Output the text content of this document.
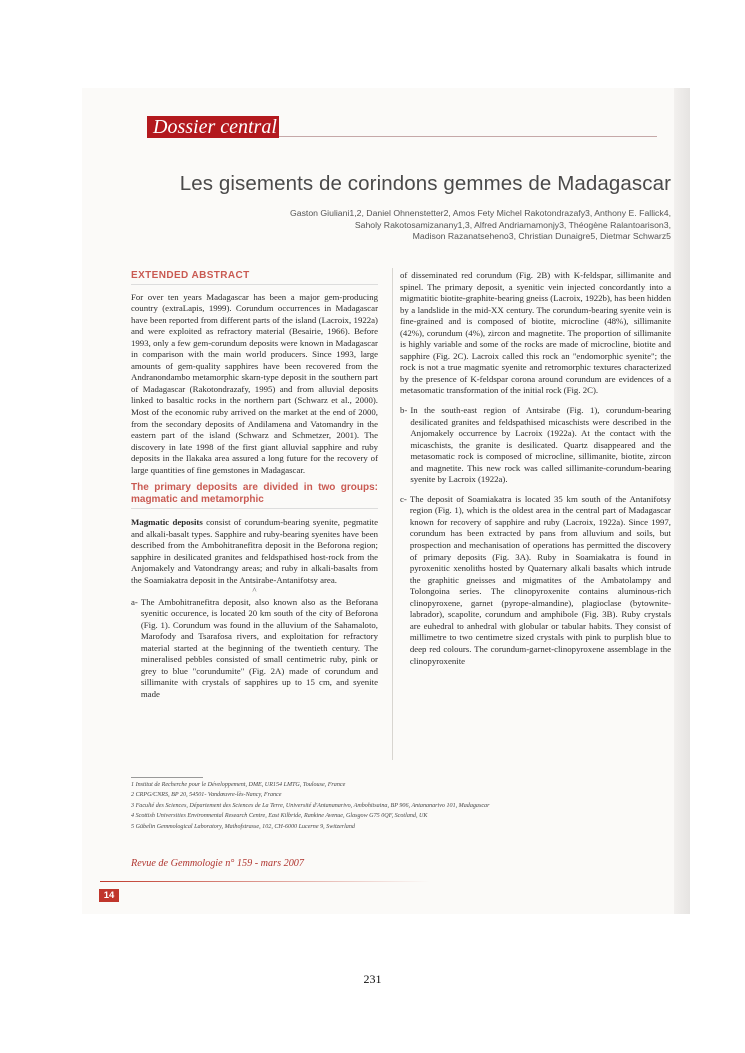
Dossier central
Les gisements de corindons gemmes de Madagascar
Gaston Giuliani1,2, Daniel Ohnenstetter2, Amos Fety Michel Rakotondrazafy3, Anthony E. Fallick4,
Saholy Rakotosamizanany1,3, Alfred Andriamamonjy3, Théogène Ralantoarison3,
Madison Razanatseheno3, Christian Dunaigre5, Dietmar Schwarz5

EXTENDED ABSTRACT

For over ten years Madagascar has been a major gem-producing country (extraLapis, 1999). Corundum occurrences in Madagascar have been reported from different parts of the island (Lacroix, 1922a) and were exploited as refractory material (Besairie, 1966). Before 1993, only a few gem-corundum deposits were known in Madagascar in comparison with the main world producers. Since 1993, large amounts of gem-quality sapphires have been recovered from the Andranondambo metamorphic skarn-type deposit in the southern part of Madagascar (Rakotondrazafy, 1995) and from alluvial deposits linked to basaltic rocks in the northern part (Schwarz et al., 2000). Most of the economic ruby arrived on the market at the end of 2000, from the secondary deposits of Andilamena and Vatomandry in the eastern part of the island (Schwarz and Schmetzer, 2001). The discovery in late 1998 of the first giant alluvial sapphire and ruby deposits in the Ilakaka area assured a long future for the recovery of large quantities of fine gemstones in Madagascar.

The primary deposits are divided in two groups: magmatic and metamorphic

Magmatic deposits consist of corundum-bearing syenite, pegmatite and alkali-basalt types. Sapphire and ruby-bearing syenites have been described from the Ambohitranefitra deposit in the Beforona region; sapphire in desilicated granites and feldspathised host-rock from the Anjomakely and Vatondrangy areas; and ruby in alkali-basalts from the Soamiakatra deposit in the Antsirabe-Antanifotsy area.

^

a- The Ambohitranefitra deposit, also known also as the Beforana syenitic occurence, is located 20 km south of the city of Beforona (Fig. 1). Corundum was found in the alluvium of the Sahamaloto, Marofody and Tsarafosa rivers, and exploitation for refractory material started at the beginning of the twentieth century. The mineralised pebbles consisted of small centimetric ruby, pink or grey to blue "corundumite" (Fig. 2A) made of corundum and sillimanite with crystals of sapphires up to 15 cm, and syenite made

of disseminated red corundum (Fig. 2B) with K-feldspar, sillimanite and spinel. The primary deposit, a syenitic vein injected concordantly into a migmatitic biotite-graphite-bearing gneiss (Lacroix, 1922b), has been hidden by a landslide in the mid-XX century. The corundum-bearing syenite vein is fine-grained and is composed of biotite, microcline (48%), sillimanite (42%), corundum (4%), zircon and magnetite. The proportion of sillimanite is highly variable and some of the rocks are made of microcline, biotite and sapphire (Fig. 2C). Lacroix called this rock an "endomorphic syenite"; the rock is not a true magmatic syenite and retromorphic textures characterized by the presence of K-feldspar corona around corundum are evidences of a metasomatic transformation of the initial rock (Fig. 2C).

b- In the south-east region of Antsirabe (Fig. 1), corundum-bearing desilicated granites and feldspathised micaschists were described in the Anjomakely occurrence by Lacroix (1922a). At the contact with the micaschists, the granite is desilicated. Quartz disappeared and the metasomatic rock is composed of microcline, sillimanite, biotite, zircon and magnetite. This new rock was called sillimanite-corundum-bearing syenite by Lacroix (1922a).

c- The deposit of Soamiakatra is located 35 km south of the Antanifotsy region (Fig. 1), which is the oldest area in the central part of Madagascar known for recovery of sapphire and ruby (Lacroix, 1922a). Since 1997, corundum has been extracted by pans from alluvium and soils, but prospection and mechanisation of operations has permitted the discovery of primary deposits (Fig. 3A). Ruby in Soamiakatra is found in pyroxenitic xenoliths hosted by Quaternary alkali basalts which intrude the graphitic gneisses and migmatites of the Ambatolampy and Tolongoina series. The clinopyroxenite contains aluminous-rich clinopyroxene, garnet (pyrope-almandine), plagioclase (bytownite-labrador), scapolite, corundum and amphibole (Fig. 3B). Ruby crystals are euhedral to anhedral with globular or tabular habits. They consist of millimetre to two centimetre sized crystals with pink to purplish blue to deep red colours. The corundum-garnet-clinopyroxene assemblage in the clinopyroxenite

1 Institut de Recherche pour le Développement, DME, UR154 LMTG, Toulouse, France
2 CRPG/CNRS, BP 20, 54501- Vandœuvre-lès-Nancy, France
3 Faculté des Sciences, Département des Sciences de La Terre, Université d'Antananarivo, Ambohitsaina, BP 906, Antananarivo 101, Madagascar
4 Scottish Universities Environmental Research Centre, East Kilbride, Rankine Avenue, Glasgow G75 0QF, Scotland, UK
5 Gübelin Gemmological Laboratory, Maihofstrasse, 102, CH-6000 Lucerne 9, Switzerland
Revue de Gemmologie n° 159 - mars 2007
14
231
